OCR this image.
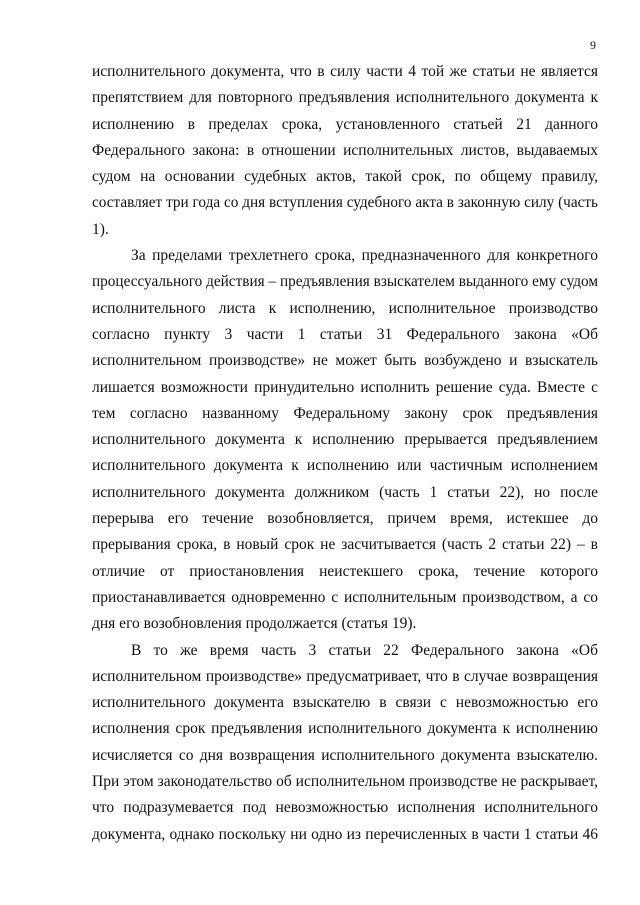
9
исполнительного документа, что в силу части 4 той же статьи не является
препятствием для повторного предъявления исполнительного документа к
исполнению в пределах срока, установленного статьей 21 данного
Федерального закона: в отношении исполнительных листов, выдаваемых
судом на основании судебных актов, такой срок, по общему правилу,
составляет три года со дня вступления судебного акта в законную силу (часть
1).
За пределами трехлетнего срока, предназначенного для конкретного
процессуального действия – предъявления взыскателем выданного ему судом
исполнительного листа к исполнению, исполнительное производство
согласно пункту 3 части 1 статьи 31 Федерального закона «Об
исполнительном производстве» не может быть возбуждено и взыскатель
лишается возможности принудительно исполнить решение суда. Вместе с
тем согласно названному Федеральному закону срок предъявления
исполнительного документа к исполнению прерывается предъявлением
исполнительного документа к исполнению или частичным исполнением
исполнительного документа должником (часть 1 статьи 22), но после
перерыва его течение возобновляется, причем время, истекшее до
прерывания срока, в новый срок не засчитывается (часть 2 статьи 22) – в
отличие от приостановления неистекшего срока, течение которого
приостанавливается одновременно с исполнительным производством, а со
дня его возобновления продолжается (статья 19).
В то же время часть 3 статьи 22 Федерального закона «Об
исполнительном производстве» предусматривает, что в случае возвращения
исполнительного документа взыскателю в связи с невозможностью его
исполнения срок предъявления исполнительного документа к исполнению
исчисляется со дня возвращения исполнительного документа взыскателю.
При этом законодательство об исполнительном производстве не раскрывает,
что подразумевается под невозможностью исполнения исполнительного
документа, однако поскольку ни одно из перечисленных в части 1 статьи 46
